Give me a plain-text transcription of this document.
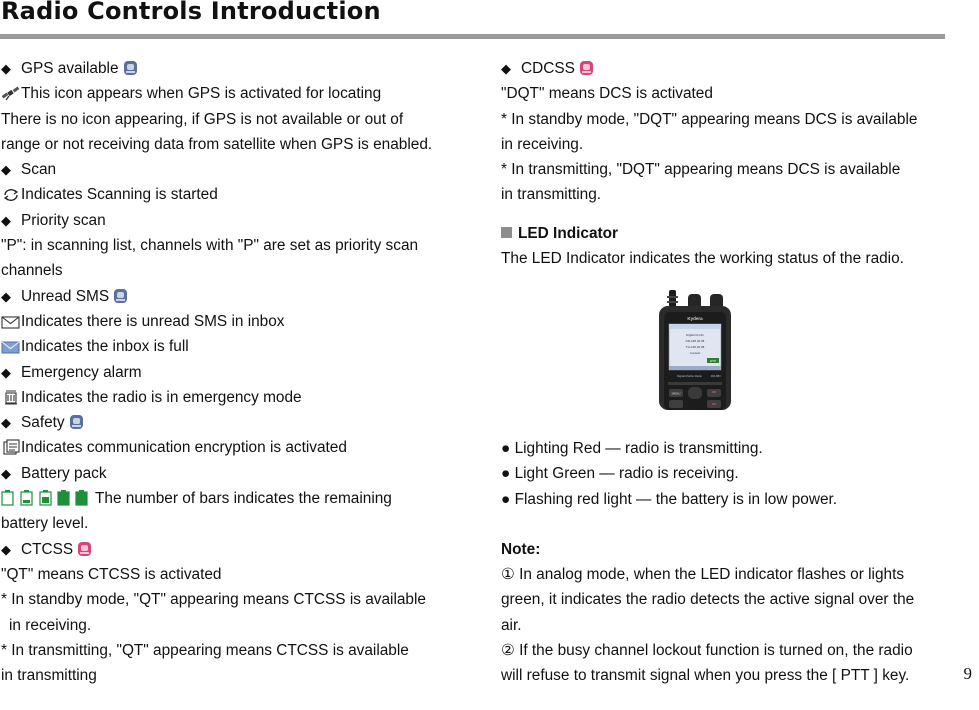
Radio Controls Introduction
◆ GPS available
This icon appears when GPS is activated for locating
There is no icon appearing, if GPS is not available or out of
range or not receiving data from satellite when GPS is enabled.
◆ Scan
Indicates Scanning is started
◆ Priority scan
"P": in scanning list, channels with "P" are set as priority scan
channels
◆ Unread SMS
Indicates there is unread SMS in inbox
Indicates the inbox is full
◆ Emergency alarm
Indicates the radio is in emergency mode
◆ Safety
Indicates communication encryption is activated
◆ Battery pack
The number of bars indicates the remaining
battery level.
◆ CTCSS
"QT" means CTCSS is activated
* In standby mode, "QT" appearing means CTCSS is available
in receiving.
* In transmitting, "QT" appearing means CTCSS is available
in transmitting
◆ CDCSS
"DQT" means DCS is activated
* In standby mode, "DQT" appearing means DCS is available
in receiving.
* In transmitting, "DQT" appearing means DCS is available
in transmitting.
LED Indicator
The LED Indicator indicates the working status of the radio.
Kydera
Digital CH 01
DR-168 20:38
TG-168 20:38
Contact
DTP
Digital Mobile Radio	DR-880
MENU
● Lighting Red — radio is transmitting.
● Light Green — radio is receiving.
● Flashing red light — the battery is in low power.
Note:
① In analog mode, when the LED indicator flashes or lights
green, it indicates the radio detects the active signal over the
air.
② If the busy channel lockout function is turned on, the radio
will refuse to transmit signal when you press the [ PTT ] key.	9
